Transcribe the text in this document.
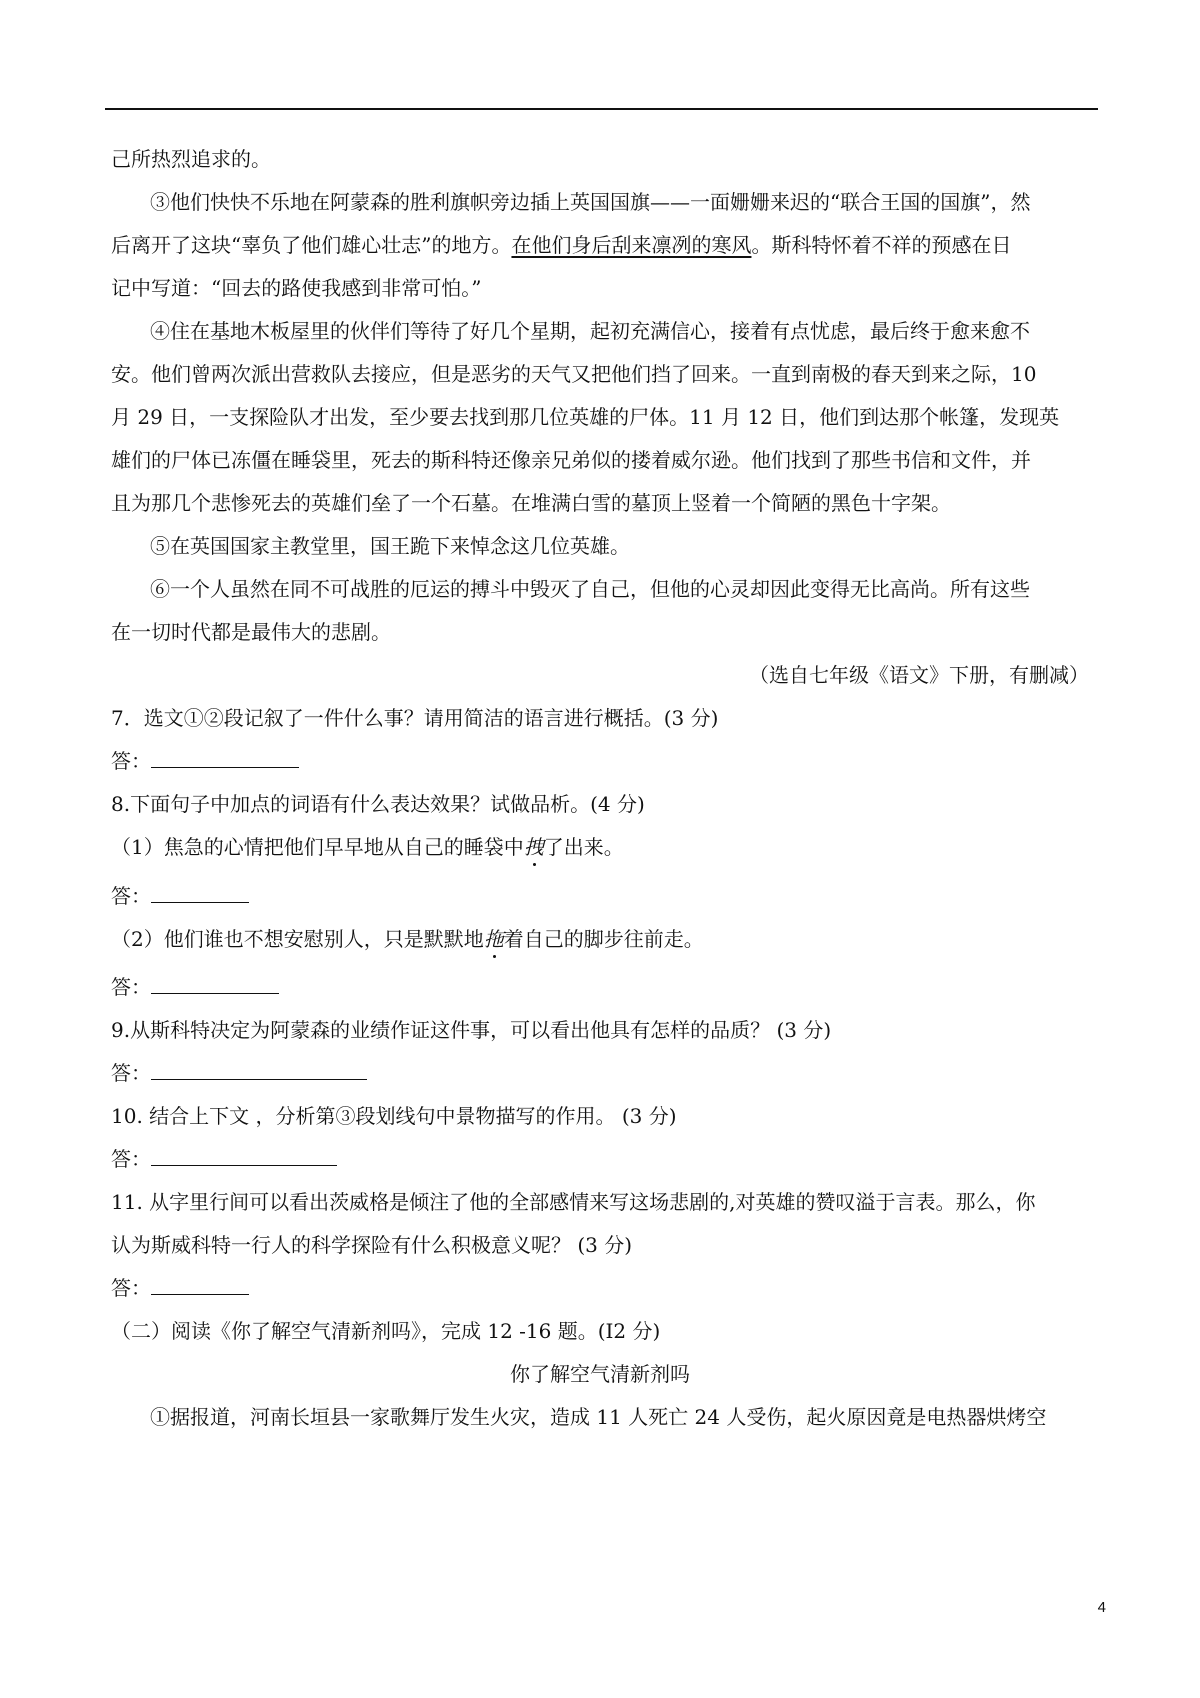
己所热烈追求的。
③他们快快不乐地在阿蒙森的胜利旗帜旁边插上英国国旗——一面姗姗来迟的“联合王国的国旗”，然
后离开了这块“辜负了他们雄心壮志”的地方。在他们身后刮来凛冽的寒风。斯科特怀着不祥的预感在日
记中写道：“回去的路使我感到非常可怕。”
④住在基地木板屋里的伙伴们等待了好几个星期，起初充满信心，接着有点忧虑，最后终于愈来愈不
安。他们曾两次派出营救队去接应，但是恶劣的天气又把他们挡了回来。一直到南极的春天到来之际，10
月 29 日，一支探险队才出发，至少要去找到那几位英雄的尸体。11 月 12 日，他们到达那个帐篷，发现英
雄们的尸体已冻僵在睡袋里，死去的斯科特还像亲兄弟似的搂着威尔逊。他们找到了那些书信和文件，并
且为那几个悲惨死去的英雄们垒了一个石墓。在堆满白雪的墓顶上竖着一个简陋的黑色十字架。
⑤在英国国家主教堂里，国王跪下来悼念这几位英雄。
⑥一个人虽然在同不可战胜的厄运的搏斗中毁灭了自己，但他的心灵却因此变得无比高尚。所有这些
在一切时代都是最伟大的悲剧。
（选自七年级《语文》下册，有删减）
7．选文①②段记叙了一件什么事？请用简洁的语言进行概括。(3 分)
答：
8.下面句子中加点的词语有什么表达效果？试做品析。(4 分)
（1）焦急的心情把他们早早地从自己的睡袋中拽了出来。
答：
（2）他们谁也不想安慰别人，只是默默地拖着自己的脚步往前走。
答：
9.从斯科特决定为阿蒙森的业绩作证这件事，可以看出他具有怎样的品质？ (3 分)
答：
10. 结合上下文 ，分析第③段划线句中景物描写的作用。 (3 分)
答：
11. 从字里行间可以看出茨威格是倾注了他的全部感情来写这场悲剧的,对英雄的赞叹溢于言表。那么，你
认为斯威科特一行人的科学探险有什么积极意义呢？ (3 分)
答：
（二）阅读《你了解空气清新剂吗》，完成 12 -16 题。(I2 分)
你了解空气清新剂吗
①据报道，河南长垣县一家歌舞厅发生火灾，造成 11 人死亡 24 人受伤，起火原因竟是电热器烘烤空
4
